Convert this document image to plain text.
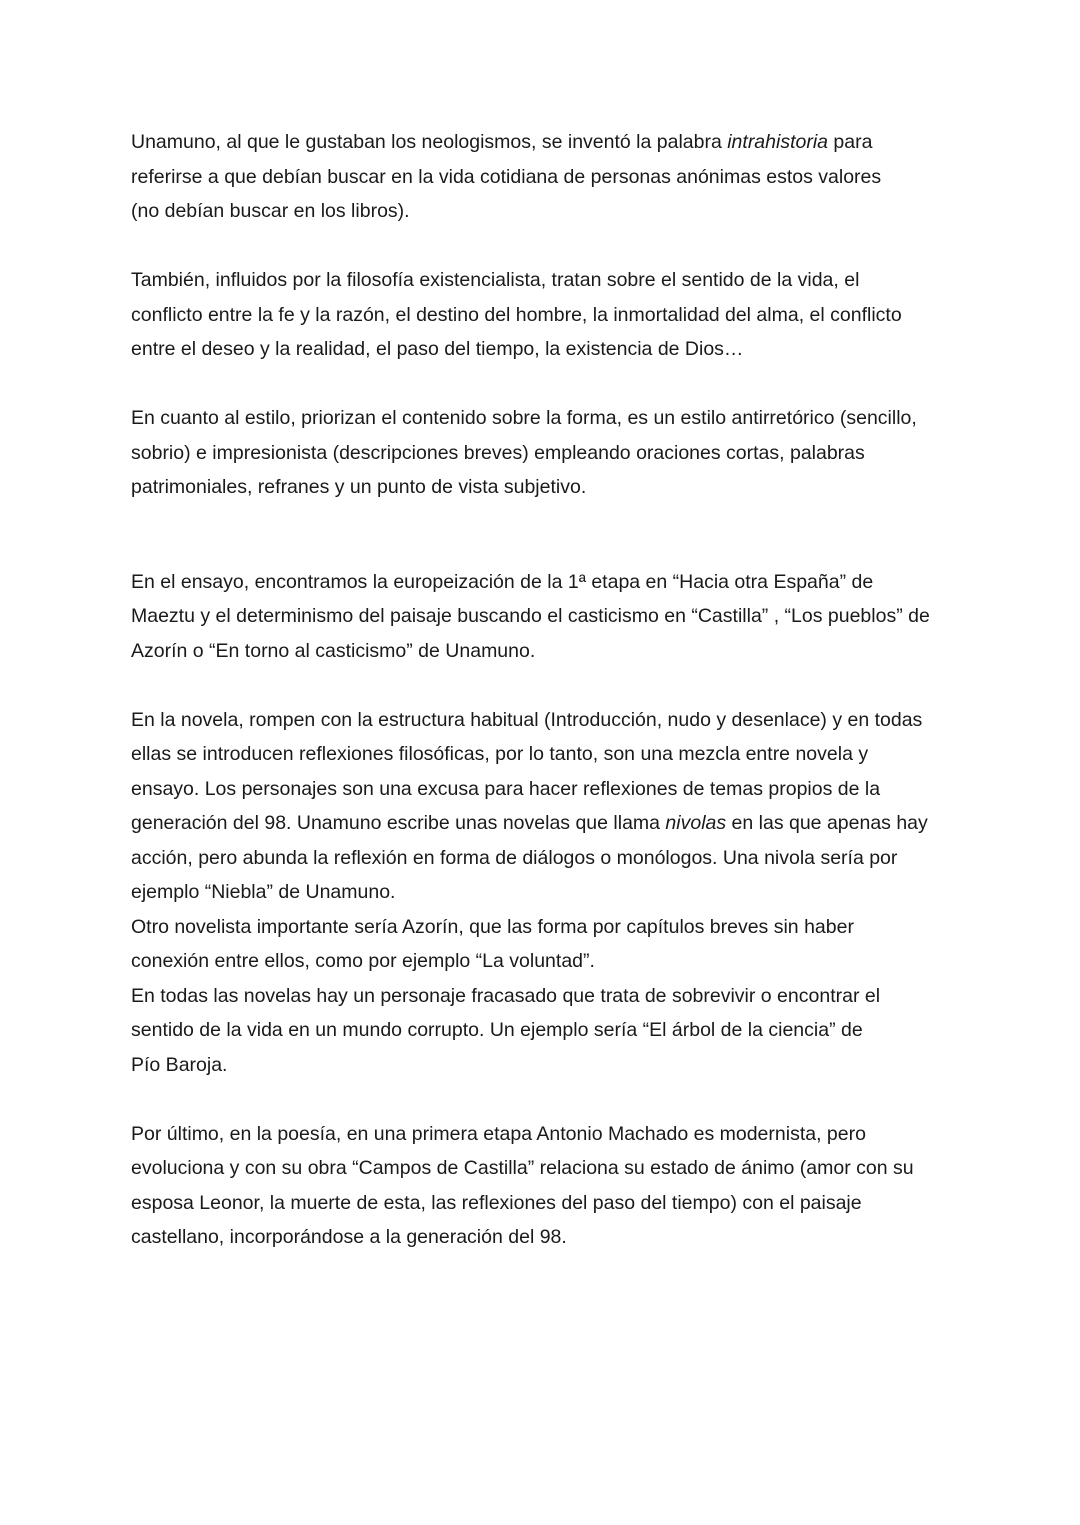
Unamuno, al que le gustaban los neologismos, se inventó la palabra intrahistoria para
referirse a que debían buscar en la vida cotidiana de personas anónimas estos valores
(no debían buscar en los libros).
También, influidos por la filosofía existencialista, tratan sobre el sentido de la vida, el
conflicto entre la fe y la razón, el destino del hombre, la inmortalidad del alma, el conflicto
entre el deseo y la realidad, el paso del tiempo, la existencia de Dios…
En cuanto al estilo, priorizan el contenido sobre la forma, es un estilo antirretórico (sencillo,
sobrio) e impresionista (descripciones breves) empleando oraciones cortas, palabras
patrimoniales, refranes y un punto de vista subjetivo.
En el ensayo, encontramos la europeización de la 1ª etapa en “Hacia otra España” de
Maeztu y el determinismo del paisaje buscando el casticismo en “Castilla” , “Los pueblos” de
Azorín o “En torno al casticismo” de Unamuno.
En la novela, rompen con la estructura habitual (Introducción, nudo y desenlace) y en todas
ellas se introducen reflexiones filosóficas, por lo tanto, son una mezcla entre novela y
ensayo. Los personajes son una excusa para hacer reflexiones de temas propios de la
generación del 98. Unamuno escribe unas novelas que llama nivolas en las que apenas hay
acción, pero abunda la reflexión en forma de diálogos o monólogos. Una nivola sería por
ejemplo “Niebla” de Unamuno.
Otro novelista importante sería Azorín, que las forma por capítulos breves sin haber
conexión entre ellos, como por ejemplo “La voluntad”.
En todas las novelas hay un personaje fracasado que trata de sobrevivir o encontrar el
sentido de la vida en un mundo corrupto. Un ejemplo sería “El árbol de la ciencia” de
Pío Baroja.
Por último, en la poesía, en una primera etapa Antonio Machado es modernista, pero
evoluciona y con su obra “Campos de Castilla” relaciona su estado de ánimo (amor con su
esposa Leonor, la muerte de esta, las reflexiones del paso del tiempo) con el paisaje
castellano, incorporándose a la generación del 98.
